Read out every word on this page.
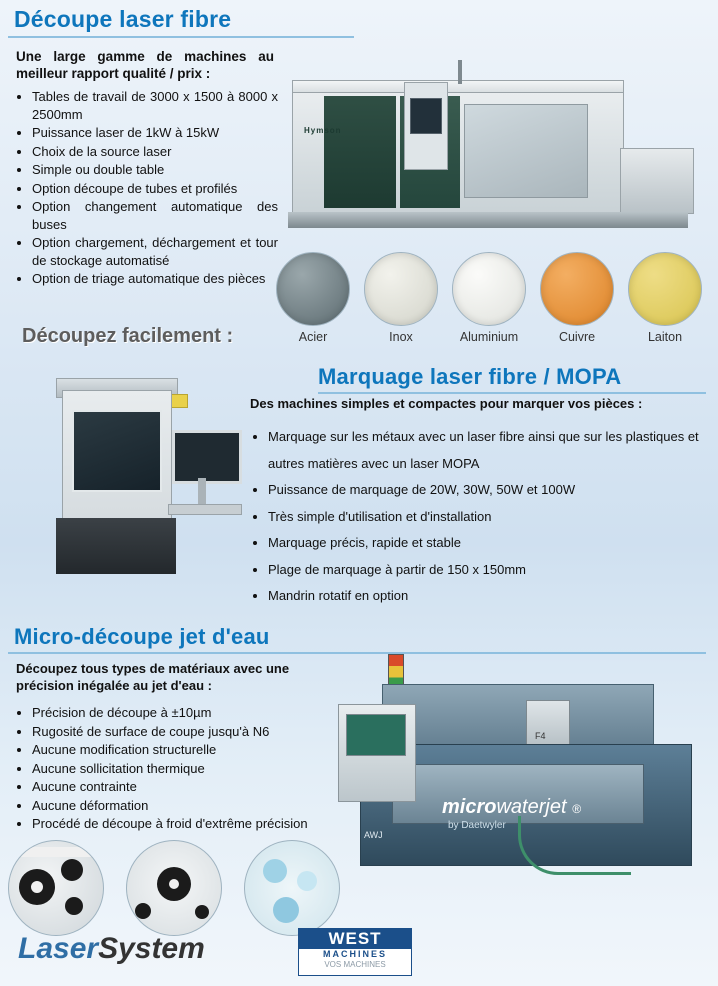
Découpe laser fibre
Une large gamme de machines au meilleur rapport qualité / prix :
• Tables de travail de 3000 x 1500 à 8000 x 2500mm
• Puissance laser de 1kW à 15kW
• Choix de la source laser
• Simple ou double table
• Option découpe de tubes et profilés
• Option changement automatique des buses
• Option chargement, déchargement et tour de stockage automatisé
• Option de triage automatique des pièces
Hymson
Découpez facilement :	Acier	Inox	Aluminium	Cuivre	Laiton
Marquage laser fibre / MOPA
Des machines simples et compactes pour marquer vos pièces :
• Marquage sur les métaux avec un laser fibre ainsi que sur les plastiques et autres matières avec un laser MOPA
• Puissance de marquage de 20W, 30W, 50W et 100W
• Très simple d'utilisation et d'installation
• Marquage précis, rapide et stable
• Plage de marquage à partir de 150 x 150mm
• Mandrin rotatif en option
Micro-découpe jet d'eau
Découpez tous types de matériaux avec une précision inégalée au jet d'eau :
• Précision de découpe à ±10µm
• Rugosité de surface de coupe jusqu'à N6
• Aucune modification structurelle
• Aucune sollicitation thermique
• Aucune contrainte
• Aucune déformation
• Procédé de découpe à froid d'extrême précision
F4
microwaterjet ®
by Daetwyler
AWJ
LaserSystem	WEST
MACHINES
VOS MACHINES
